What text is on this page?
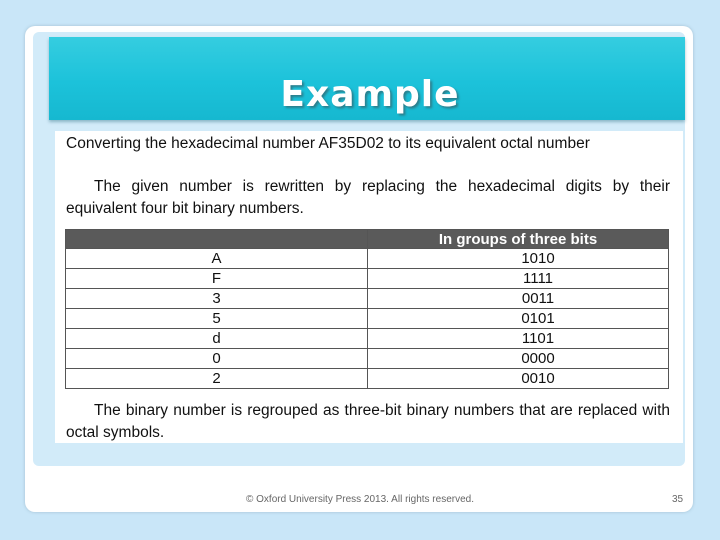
Example
Converting the hexadecimal number AF35D02 to its equivalent octal number
The given number is rewritten by replacing the hexadecimal digits by their equivalent four bit binary numbers.
	In groups of three bits
A	1010
F	1111
3	0011
5	0101
d	1101
0	0000
2	0010
The binary number is regrouped as three-bit binary numbers that are replaced with octal symbols.
© Oxford University Press 2013. All rights reserved.	35
